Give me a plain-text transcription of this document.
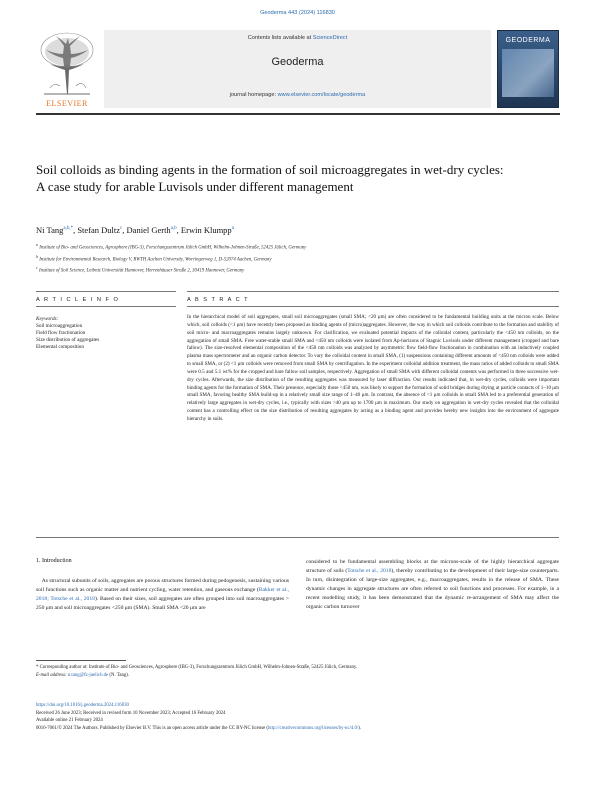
Geoderma 443 (2024) 116830
ELSEVIER
Contents lists available at ScienceDirect
Geoderma
journal homepage: www.elsevier.com/locate/geoderma
GEODERMA
Soil colloids as binding agents in the formation of soil microaggregates in wet-dry cycles: A case study for arable Luvisols under different management
Ni Tang$^{a,b,*}$, Stefan Dultz$^c$, Daniel Gerth$^{a,b}$, Erwin Klumpp$^a$
$^a$ Institute of Bio- and Geosciences, Agrosphere (IBG-3), Forschungszentrum Jülich GmbH, Wilhelm-Johnen-Straße, 52425 Jülich, Germany
$^b$ Institute for Environmental Research, Biology V, RWTH Aachen University, Worringerweg 1, D-52074 Aachen, Germany
$^c$ Institute of Soil Science, Leibniz Universität Hannover, Herrenhäuser Straße 2, 30419 Hannover, Germany
A R T I C L E I N F O	A B S T R A C T
Keywords:
Soil microaggregation
Field flow fractionation
Size distribution of aggregates
Elemental composition
In the hierarchical model of soil aggregates, small soil microaggregates (small SMA; <20 μm) are often considered to be fundamental building units at the micron scale. Below which, soil colloids (<1 μm) have recently been proposed as binding agents of (micro)aggregates. However, the way in which soil colloids contribute to the formation and stability of soil micro- and macroaggregates remains largely unknown. For clarification, we evaluated potential impacts of the colloidal content, particularly the <450 nm colloids, on the aggregation of small SMA. Free water-stable small SMA and <450 nm colloids were isolated from Ap-horizons of Stagnic Luvisols under different management (cropped and bare fallow). The size-resolved elemental composition of the <450 nm colloids was analyzed by asymmetric flow field-flow fractionation in combination with an inductively coupled plasma mass spectrometer and an organic carbon detector. To vary the colloidal content in small SMA, (1) suspensions containing different amounts of <450 nm colloids were added to small SMA, or (2) <1 μm colloids were removed from small SMA by centrifugation. In the experiment colloidal addition treatment, the mass ratios of added colloids to small SMA were 0.5 and 5.1 wt% for the cropped and bare fallow soil samples, respectively. Aggregation of small SMA with different colloidal contents was performed in three successive wet-dry cycles. Afterwards, the size distribution of the resulting aggregates was measured by laser diffraction. Our results indicated that, in wet-dry cycles, colloids were important binding agents for the formation of SMA. Their presence, especially those <450 nm, was likely to support the formation of solid bridges during drying at particle contacts of 1–10 μm small SMA, favoring healthy SMA build-up in a relatively small size range of 1–40 μm. In contrast, the absence of <1 μm colloids in small SMA led to a preferential generation of relatively large aggregates in wet-dry cycles, i.e., typically with sizes >40 μm up to 1700 μm in maximum. Our study on aggregation in wet-dry cycles revealed that the colloidal content has a controlling effect on the size distribution of resulting aggregates by acting as a binding agent and provides hereby new insights into the environment of aggregate hierarchy in soils.
1. Introduction
As structural subunits of soils, aggregates are porous structures formed during pedogenesis, sustaining various soil functions such as organic matter and nutrient cycling, water retention, and gaseous exchange (Bakker et al., 2018; Totsche et al., 2018). Based on their sizes, soil aggregates are often grouped into soil macroaggregates > 250 μm and soil microaggregates <250 μm (SMA). Small SMA <20 μm are
considered to be fundamental assembling blocks at the microns-scale of the highly hierarchical aggregate structure of soils (Totsche et al., 2018), thereby contributing to the development of their large-size counterparts. In turn, disintegration of large-size aggregates, e.g., macroaggregates, results in the release of SMA. These dynamic changes in aggregate structures are often referred to soil functions and processes. For example, in a recent modelling study, it has been demonstrated that the dynamic re-arrangement of SMA may affect the organic carbon turnover
* Corresponding author at: Institute of Bio- and Geosciences, Agrosphere (IBG-3), Forschungszentrum Jülich GmbH, Wilhelm-Johnen-Straße, 52425 Jülich, Germany.
E-mail address: n.tang@fz-juelich.de (N. Tang).
https://doi.org/10.1016/j.geoderma.2024.116830
Received 26 June 2023; Received in revised form 10 November 2023; Accepted 16 February 2024
Available online 21 February 2024
0016-7061/© 2024 The Authors. Published by Elsevier B.V. This is an open access article under the CC BY-NC license (http://creativecommons.org/licenses/by-nc/4.0/).
